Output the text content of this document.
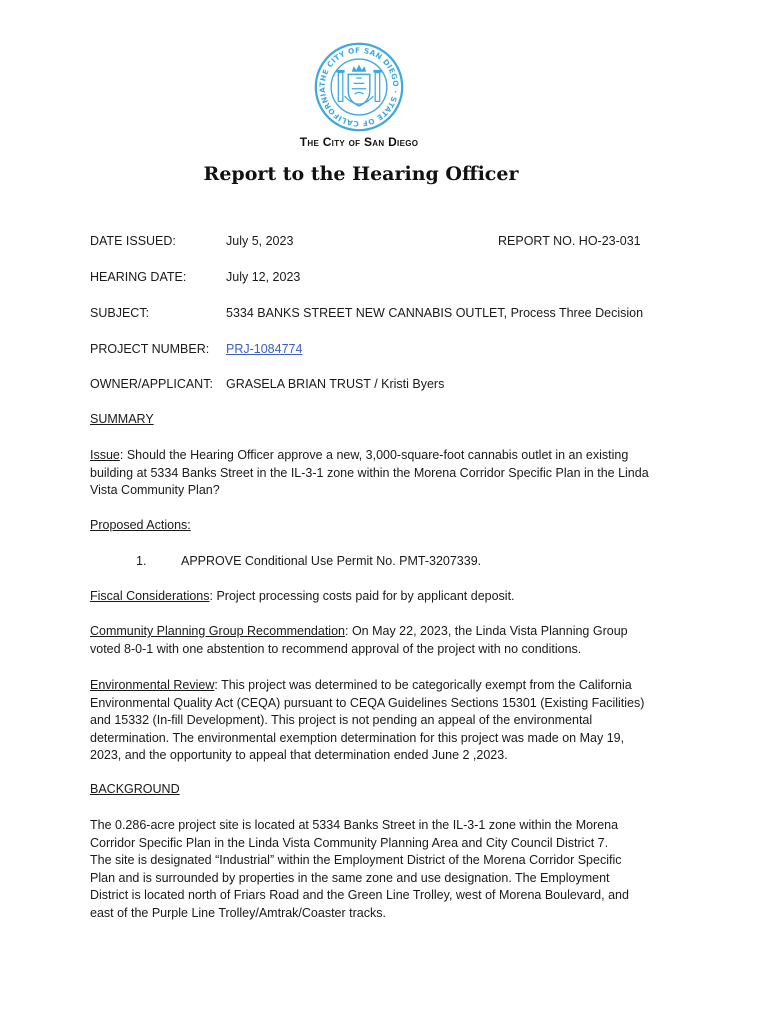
THE CITY OF SAN DIEGO · STATE OF CALIFORNIA
The City of San Diego
Report to the Hearing Officer
DATE ISSUED:	July 5, 2023	REPORT NO. HO-23-031
HEARING DATE:	July 12, 2023
SUBJECT:	5334 BANKS STREET NEW CANNABIS OUTLET, Process Three Decision
PROJECT NUMBER: PRJ-1084774
OWNER/APPLICANT: GRASELA BRIAN TRUST / Kristi Byers
SUMMARY
Issue: Should the Hearing Officer approve a new, 3,000-square-foot cannabis outlet in an existing
building at 5334 Banks Street in the IL-3-1 zone within the Morena Corridor Specific Plan in the Linda
Vista Community Plan?
Proposed Actions:
1.	APPROVE Conditional Use Permit No. PMT-3207339.
Fiscal Considerations: Project processing costs paid for by applicant deposit.
Community Planning Group Recommendation: On May 22, 2023, the Linda Vista Planning Group
voted 8-0-1 with one abstention to recommend approval of the project with no conditions.
Environmental Review: This project was determined to be categorically exempt from the California
Environmental Quality Act (CEQA) pursuant to CEQA Guidelines Sections 15301 (Existing Facilities)
and 15332 (In-fill Development). This project is not pending an appeal of the environmental
determination. The environmental exemption determination for this project was made on May 19,
2023, and the opportunity to appeal that determination ended June 2 ,2023.
BACKGROUND
The 0.286-acre project site is located at 5334 Banks Street in the IL-3-1 zone within the Morena
Corridor Specific Plan in the Linda Vista Community Planning Area and City Council District 7.
The site is designated “Industrial” within the Employment District of the Morena Corridor Specific
Plan and is surrounded by properties in the same zone and use designation. The Employment
District is located north of Friars Road and the Green Line Trolley, west of Morena Boulevard, and
east of the Purple Line Trolley/Amtrak/Coaster tracks.
